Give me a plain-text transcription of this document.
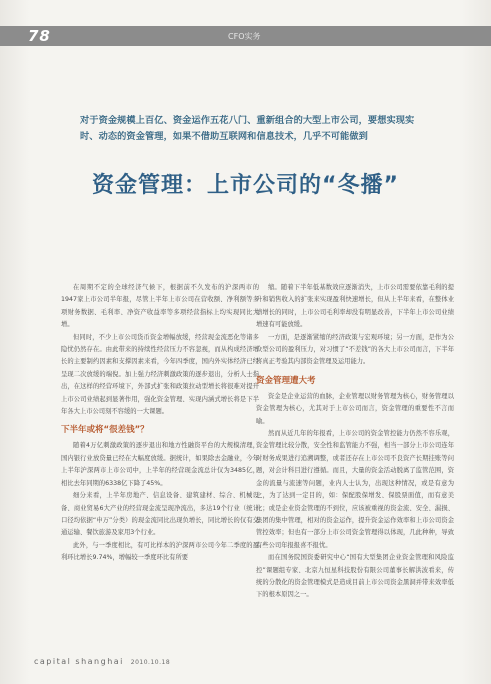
78	CFO实务
对于资金规模上百亿、资金运作五花八门、重新组合的大型上市公司，要想实现实时、动态的资金管理，如果不借助互联网和信息技术，几乎不可能做到
资金管理：上市公司的“冬播”

在周期不定的全球经济气候下，根据前不久发布的沪深两市的1947家上市公司半年报，尽管上半年上市公司在营收额、净利额等多项财务数据、毛利率、净资产收益率等多项经营指标上均实现同比大增。

但同时，不少上市公司货币资金增幅放缓，经营现金流恶化等诸多隐忧仍然存在。由此带来的持续性经营压力不容忽视，而从构成经济增长的主要制约因素和支撑因素来看，今年四季度，国内外实体经济已经呈现二次放缓的端倪。加上强力经济刺激政策的逐步退出，分析人士指出，在这样的经营环境下，外部式扩张和政策拉动型增长将很难对提升上市公司业绩起到显著作用，强化资金管理、实现内涵式增长将是下半年各大上市公司刻不容缓的一大课题。

下半年或将“很差钱”？

随着4万亿刺激政策的逐步退出和地方性融资平台的大规模清理，国内银行业放贷量已经在大幅度放缓。据统计，如果除去金融业，今年上半年沪深两市上市公司中，上半年的经营现金流总计仅为3485亿，相比去年同期的6338亿下降了45%。

细分来看，上半年房地产、信息设备、建筑建材、综合、机械设备、商业贸易6大产业的经营现金流呈现净流出，多达19个行业（统计口径均依据“申万”分类）的现金流同比出现负增长，同比增长的仅有交通运输、餐饮旅游及家用3个行业。

此外，与一季度相比，有可比样本的沪深两市公司今年二季度的盈利环比增长9.74%，增幅较一季度环比有所要

缩。随着下半年低基数效应逐渐消失，上市公司需要依靠毛利的提升和销售收入的扩张来实现盈利快速增长，但从上半年来看，在整体业绩增长的同时，上市公司毛利率却没有明显改善，下半年上市公司业绩增速有可能放缓。

一方面，是逐渐紧缩的经济政策与宏观环境；另一方面，是作为公众型公司的盈利压力，对习惯了“不差钱”的各大上市公司而言，下半年将真正考验其内部资金管理及运用能力。

资金管理遭大考

资金是企业运营的血脉，企业管理以财务管理为核心，财务管理以资金管理为核心，尤其对于上市公司而言，资金管理的重要性不言而喻。

然而从近几年的年报看，上市公司的资金管控能力仍然不容乐观，资金管理比较分散，安全性和监管能力不强，相当一部分上市公司连年对财务成果进行追溯调整，或者还存在上市公司不良资产长期挂账等问题，对会计科目进行遵循。而且，大量的资金活动脱离了监管范围，资金的流量与流速等问题，业内人士认为，出现这种情况，或是有意为之，为了达到一定目的，如：保配股保增发、保股票面值，而有意美化；或是企业资金管理的不到位，应该被重视的资金流、安全、漏损、集团的集中管理，相对的资金运作，提升资金运作效率和上市公司资金管控效率；但也有一部分上市公司资金管理得以体现，几此种种，导致有些公司年报报喜不报忧。

而在国务院国资委研究中心“国有大型集团企业资金管理和风险监控”课题组专家、北京九恒星科技股份有限公司董事长解洪波看来，传统的分散化的资金管理模式是造成目前上市公司资金黑洞并带来效率低下的根本原因之一。

capital shanghai 2010.10.18
